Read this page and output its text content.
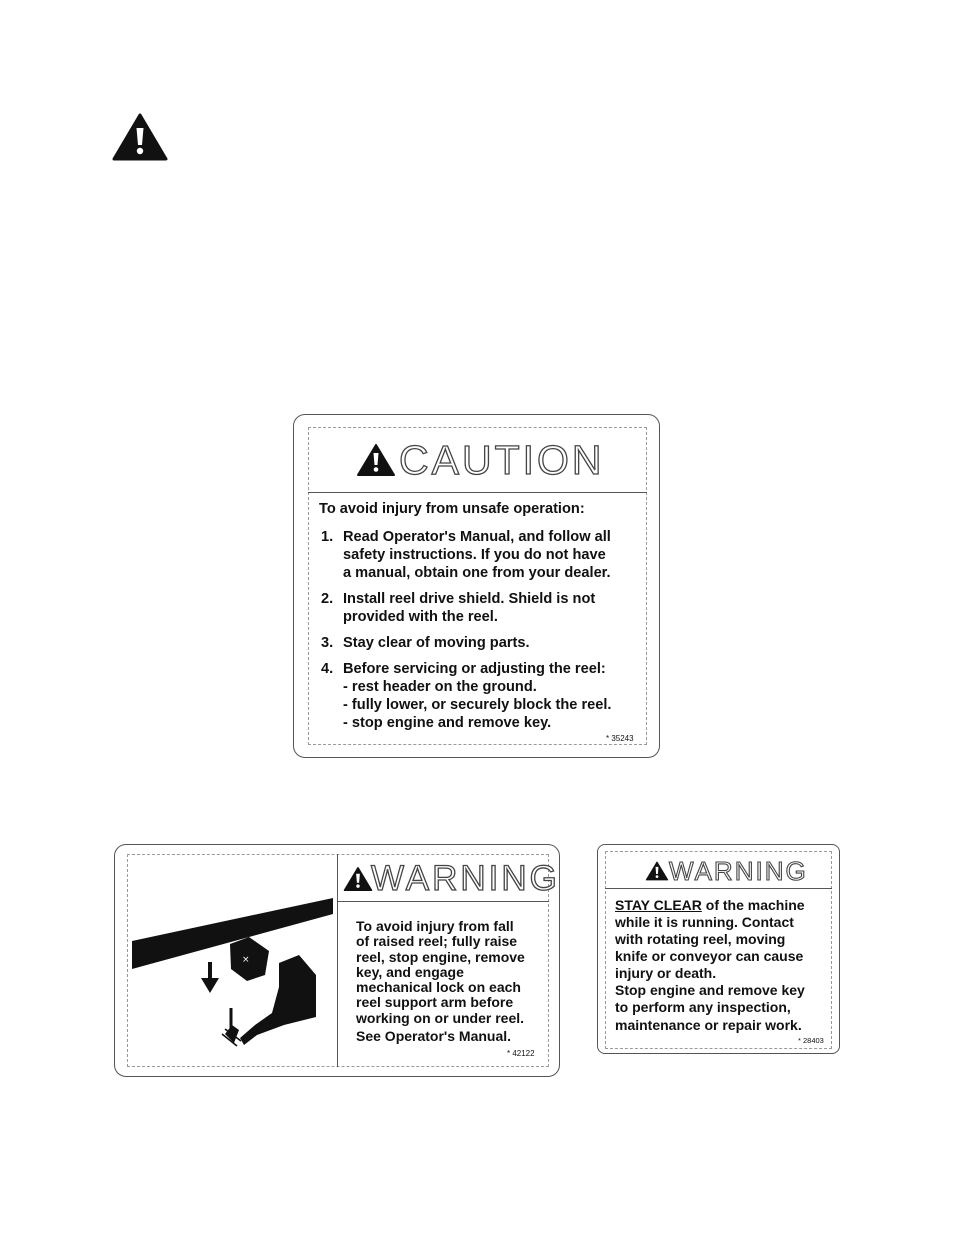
CAUTION
To avoid injury from unsafe operation:
1. Read Operator's Manual, and follow all
safety instructions. If you do not have
a manual, obtain one from your dealer.
2. Install reel drive shield. Shield is not
provided with the reel.
3. Stay clear of moving parts.
4. Before servicing or adjusting the reel:
- rest header on the ground.
- fully lower, or securely block the reel.
- stop engine and remove key.
* 35243
×
WARNING
To avoid injury from fall
of raised reel; fully raise
reel, stop engine, remove
key, and engage
mechanical lock on each
reel support arm before
working on or under reel.
See Operator's Manual.
* 42122
WARNING
STAY CLEAR of the machine
while it is running. Contact
with rotating reel, moving
knife or conveyor can cause
injury or death.
Stop engine and remove key
to perform any inspection,
maintenance or repair work.
* 28403
